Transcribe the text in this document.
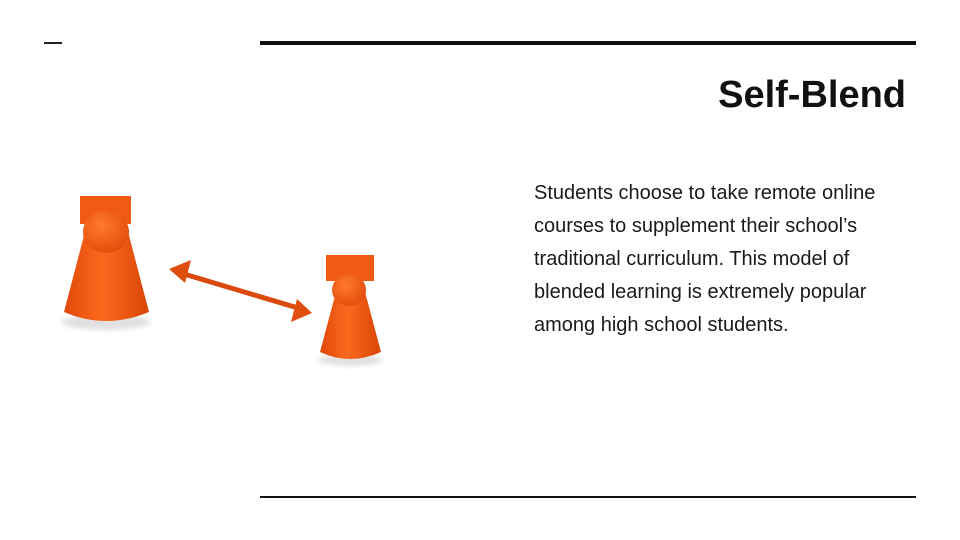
Self-Blend
Students choose to take remote online courses to supplement their school’s traditional curriculum. This model of blended learning is extremely popular among high school students.
